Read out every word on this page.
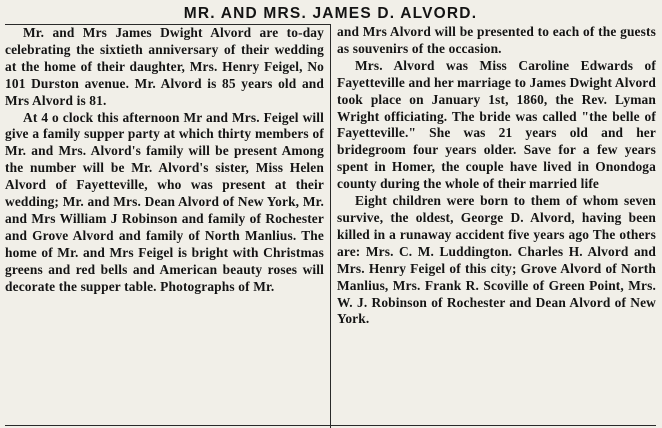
MR. AND MRS. JAMES D. ALVORD.

Mr. and Mrs James Dwight Alvord are to-day celebrating the sixtieth anniversary of their wedding at the home of their daughter, Mrs. Henry Feigel, No 101 Durston avenue. Mr. Alvord is 85 years old and Mrs Alvord is 81.

At 4 o clock this afternoon Mr and Mrs. Feigel will give a family supper party at which thirty members of Mr. and Mrs. Alvord's family will be present Among the number will be Mr. Alvord's sister, Miss Helen Alvord of Fayetteville, who was present at their wedding; Mr. and Mrs. Dean Alvord of New York, Mr. and Mrs William J Robinson and family of Rochester and Grove Alvord and family of North Manlius. The home of Mr. and Mrs Feigel is bright with Christmas greens and red bells and American beauty roses will decorate the supper table. Photographs of Mr.

and Mrs Alvord will be presented to each of the guests as souvenirs of the occasion.

Mrs. Alvord was Miss Caroline Edwards of Fayetteville and her marriage to James Dwight Alvord took place on January 1st, 1860, the Rev. Lyman Wright officiating. The bride was called "the belle of Fayetteville." She was 21 years old and her bridegroom four years older. Save for a few years spent in Homer, the couple have lived in Onondoga county during the whole of their married life

Eight children were born to them of whom seven survive, the oldest, George D. Alvord, having been killed in a runaway accident five years ago The others are: Mrs. C. M. Luddington. Charles H. Alvord and Mrs. Henry Feigel of this city; Grove Alvord of North Manlius, Mrs. Frank R. Scoville of Green Point, Mrs. W. J. Robinson of Rochester and Dean Alvord of New York.
